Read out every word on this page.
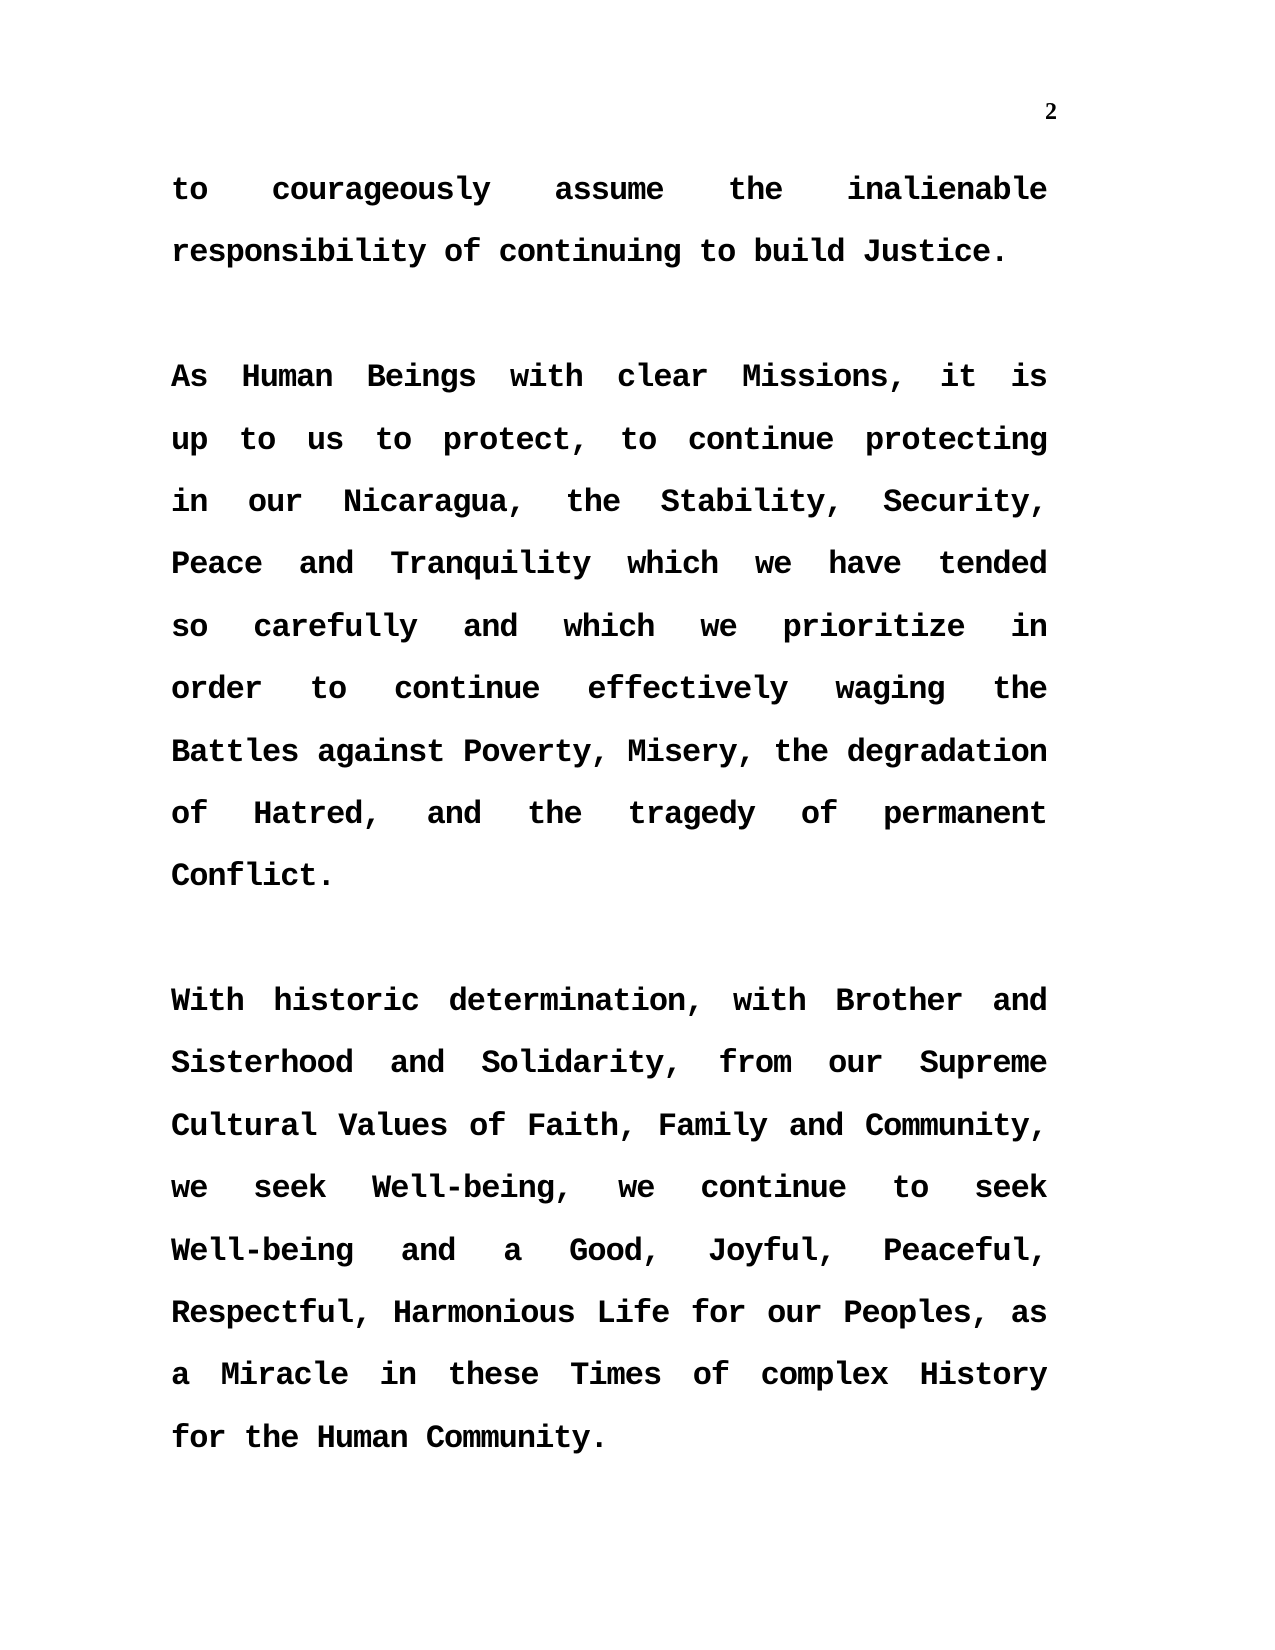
2
to courageously assume the inalienable
responsibility of continuing to build Justice.
As Human Beings with clear Missions, it is
up to us to protect, to continue protecting
in our Nicaragua, the Stability, Security,
Peace and Tranquility which we have tended
so carefully and which we prioritize in
order to continue effectively waging the
Battles against Poverty, Misery, the degradation
of Hatred, and the tragedy of permanent
Conflict.
With historic determination, with Brother and
Sisterhood and Solidarity, from our Supreme
Cultural Values of Faith, Family and Community,
we seek Well-being, we continue to seek
Well-being and a Good, Joyful, Peaceful,
Respectful, Harmonious Life for our Peoples, as
a Miracle in these Times of complex History
for the Human Community.
